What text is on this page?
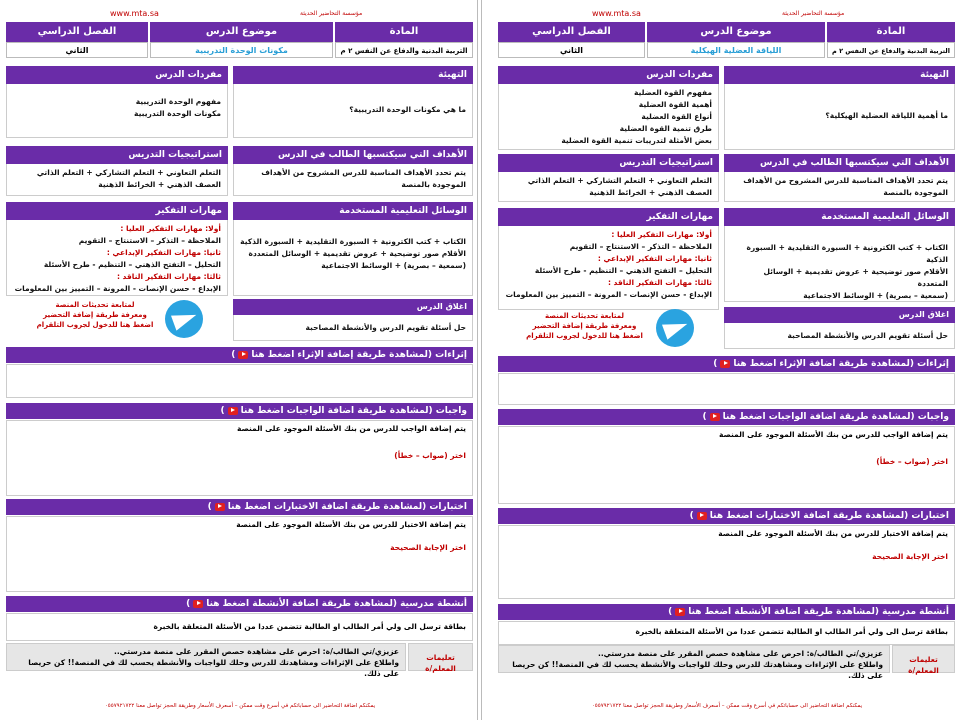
www.mta.sa	مؤسسة التحاضير الحديثة
الفصل الدراسي	موضوع الدرس	المادة
الثاني	مكونات الوحدة التدريبية	التربية البدنية والدفاع عن النفس ٢ م
التهيئة
ما هي مكونات الوحدة التدريبية؟
مفردات الدرس
مفهوم الوحدة التدريبية
مكونات الوحدة التدريبية
الأهداف التي سيكتسبها الطالب في الدرس
يتم تحدد الأهداف المناسبة للدرس المشروح من الأهداف الموجودة بالمنصة
استراتيجيات التدريس
التعلم التعاوني + التعلم التشاركي + التعلم الذاتي
العصف الذهني + الخرائط الذهنية
الوسائل التعليمية المستخدمة
الكتاب + كتب الكترونية + السبورة التقليدية + السبورة الذكية
الأقلام صور توضيحية + عروض تقديمية + الوسائل المتعددة
(سمعية – بصرية) + الوسائط الاجتماعية
مهارات التفكير
أولا: مهارات التفكير العليا :
الملاحظة – التذكر – الاستنتاج – التقويم
ثانيا: مهارات التفكير الإبداعي :
التحليل – التفتح الذهني – التنظيم - طرح الأسئلة
ثالثا: مهارات التفكير الناقد :
الإبداع - حسن الإنصات - المرونة – التمييز بين المعلومات
اغلاق الدرس
حل أسئلة تقويم الدرس والأنشطة المصاحبة
لمتابعة تحديثات المنصة
ومعرفة طريقة إضافة التحضير
اضغط هنا للدخول لجروب التلقرام
إثراءات (لمشاهدة طريقة إضافة الإثراء اضغط هنا)
واجبات (لمشاهدة طريقة اضافة الواجبات اضغط هنا)
يتم إضافة الواجب للدرس من بنك الأسئلة الموجود على المنصة
اختر (صواب – خطأ)
اختبارات (لمشاهدة طريقة اضافة الاختبارات اضغط هنا)
يتم إضافة الاختبار للدرس من بنك الأسئلة الموجود على المنصة
اختر الإجابة الصحيحة
أنشطة مدرسية (لمشاهدة طريقة اضافة الأنشطة اضغط هنا)
بطاقة ترسل الى ولي أمر الطالب او الطالبة تتضمن عددا من الأسئلة المتعلقة بالخبرة
عزيزي/تي الطالب/ة: احرص على مشاهدة حصص المقرر على منصة مدرستي..
واطلاع على الإثراءات ومشاهدتك للدرس وحلك للواجبات والأنشطة يحسب لك في المنصة!! كن حريصا على ذلك.
تعليمات المعلم/ة
يمكنكم اضافة التحاضير الى حساباتكم في أسرع وقت ممكن – أسعرف الأسعار وطريقة الحجز تواصل معنا ٠٥٥٧٩٢١٧٢٢
www.mta.sa	مؤسسة التحاضير الحديثة
الفصل الدراسي	موضوع الدرس	المادة
الثاني	اللياقة العضلية الهيكلية	التربية البدنية والدفاع عن النفس ٢ م
التهيئة
ما أهمية اللياقة العضلية الهيكلية؟
مفردات الدرس
مفهوم القوة العضلية
أهمية القوة العضلية
أنواع القوة العضلية
طرق تنمية القوة العضلية
بعض الأمثلة لتدريبات تنمية القوة العضلية
الأهداف التي سيكتسبها الطالب في الدرس
يتم تحدد الأهداف المناسبة للدرس المشروح من الأهداف الموجودة بالمنصة
استراتيجيات التدريس
التعلم التعاوني + التعلم التشاركي + التعلم الذاتي
العصف الذهني + الخرائط الذهنية
الوسائل التعليمية المستخدمة
الكتاب + كتب الكترونية + السبورة التقليدية + السبورة الذكية
الأقلام صور توضيحية + عروض تقديمية + الوسائل المتعددة
(سمعية – بصرية) + الوسائط الاجتماعية
مهارات التفكير
أولا: مهارات التفكير العليا :
الملاحظة – التذكر – الاستنتاج – التقويم
ثانيا: مهارات التفكير الإبداعي :
التحليل – التفتح الذهني – التنظيم - طرح الأسئلة
ثالثا: مهارات التفكير الناقد :
الإبداع - حسن الإنصات - المرونة – التمييز بين المعلومات
اغلاق الدرس
حل أسئلة تقويم الدرس والأنشطة المصاحبة
لمتابعة تحديثات المنصة
ومعرفة طريقة إضافة التحضير
اضغط هنا للدخول لجروب التلقرام
إثراءات (لمشاهدة طريقة اضافة الإثراء اضغط هنا)
واجبات (لمشاهدة طريقة اضافة الواجبات اضغط هنا)
يتم إضافة الواجب للدرس من بنك الأسئلة الموجود على المنصة
اختر (صواب – خطأ)
اختبارات (لمشاهدة طريقة اضافة الاختبارات اضغط هنا)
يتم إضافة الاختبار للدرس من بنك الأسئلة الموجود على المنصة
اختر الإجابة الصحيحة
أنشطة مدرسية (لمشاهدة طريقة اضافة الأنشطة اضغط هنا)
بطاقة ترسل الى ولي أمر الطالب او الطالبة تتضمن عددا من الأسئلة المتعلقة بالخبرة
عزيزي/تي الطالب/ة: احرص على مشاهدة حصص المقرر على منصة مدرستي..
واطلاع على الإثراءات ومشاهدتك للدرس وحلك للواجبات والأنشطة يحسب لك في المنصة!! كن حريصا على ذلك.
تعليمات المعلم/ة
يمكنكم اضافة التحاضير الى حساباتكم في أسرع وقت ممكن – أسعرف الأسعار وطريقة الحجز تواصل معنا ٠٥٥٧٩٢١٧٢٢
